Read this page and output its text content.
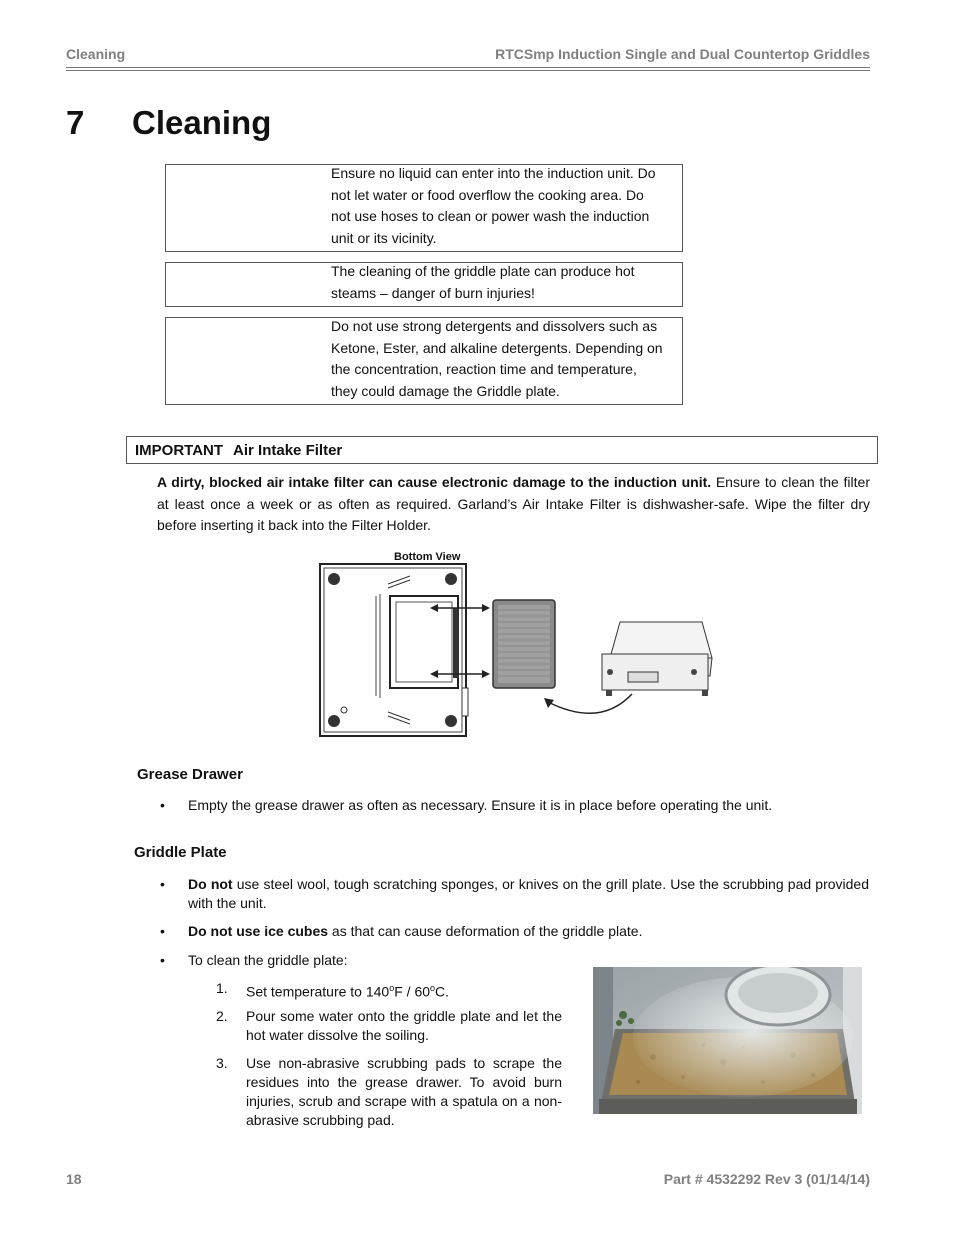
Cleaning	RTCSmp Induction Single and Dual Countertop Griddles
7 Cleaning
Ensure no liquid can enter into the induction unit. Do
not let water or food overflow the cooking area. Do
not use hoses to clean or power wash the induction
unit or its vicinity.
The cleaning of the griddle plate can produce hot
steams – danger of burn injuries!
Do not use strong detergents and dissolvers such as
Ketone, Ester, and alkaline detergents. Depending on
the concentration, reaction time and temperature,
they could damage the Griddle plate.
IMPORTANT Air Intake Filter
A dirty, blocked air intake filter can cause electronic damage to the induction unit. Ensure to clean the filter at least once a week or as often as required. Garland’s Air Intake Filter is dishwasher-safe. Wipe the filter dry before inserting it back into the Filter Holder.
Bottom View
Grease Drawer
• Empty the grease drawer as often as necessary. Ensure it is in place before operating the unit.
Griddle Plate
• Do not use steel wool, tough scratching sponges, or knives on the grill plate. Use the scrubbing pad provided with the unit.
• Do not use ice cubes as that can cause deformation of the griddle plate.
• To clean the griddle plate:
1. Set temperature to 140$^o$F / 60$^o$C.
2. Pour some water onto the griddle plate and let the hot water dissolve the soiling.
3. Use non-abrasive scrubbing pads to scrape the residues into the grease drawer. To avoid burn injuries, scrub and scrape with a spatula on a non-abrasive scrubbing pad.
18	Part # 4532292 Rev 3 (01/14/14)
